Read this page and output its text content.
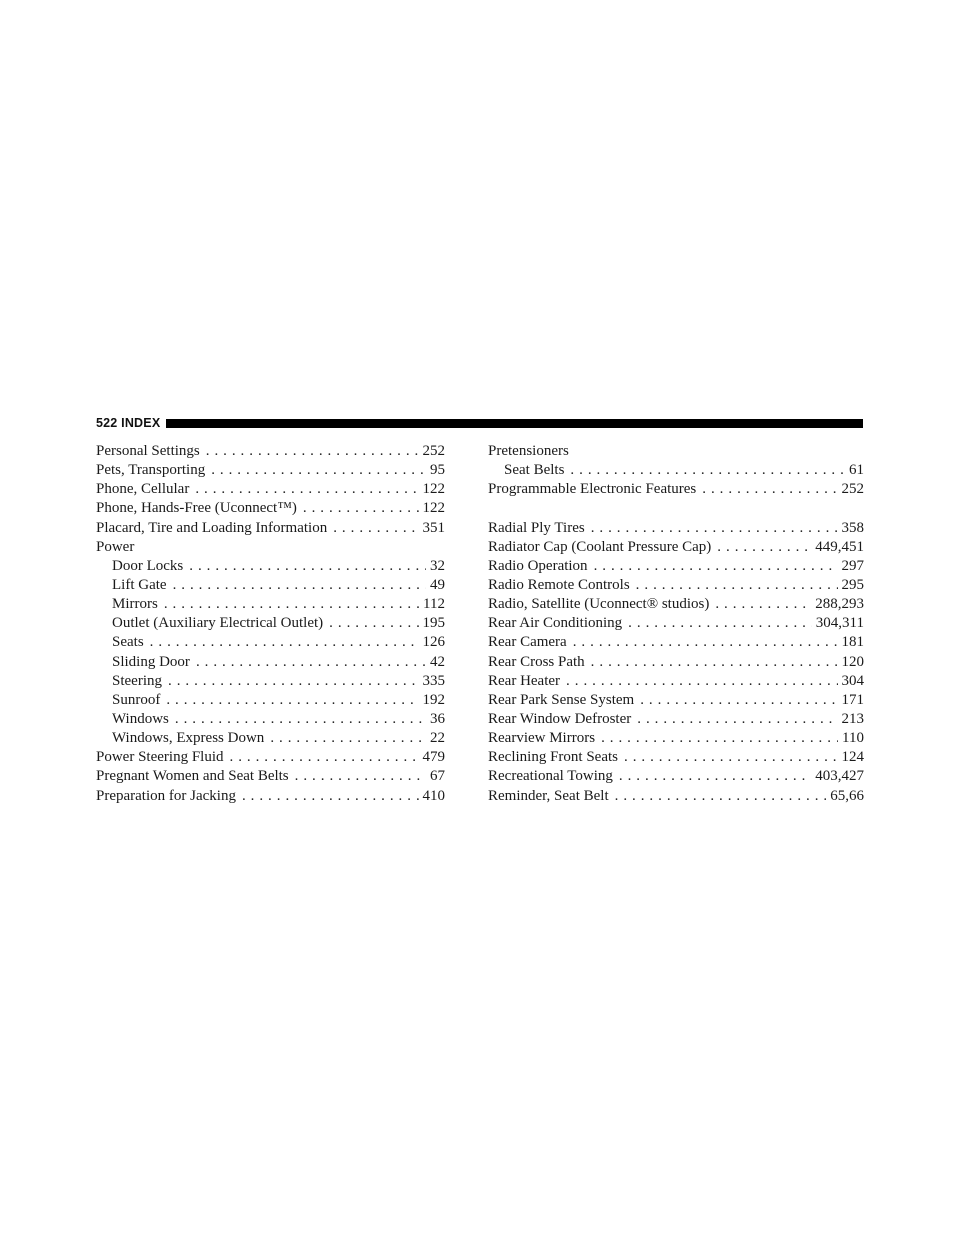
522 INDEX
Personal Settings . . .	252
Pets, Transporting . . .	95
Phone, Cellular . . .	122
Phone, Hands-Free (Uconnect™) . . .	122
Placard, Tire and Loading Information . . .	351
Power
Door Locks . . .	32
Lift Gate . . .	49
Mirrors . . .	112
Outlet (Auxiliary Electrical Outlet) . . .	195
Seats . . .	126
Sliding Door . . .	42
Steering . . .	335
Sunroof . . .	192
Windows . . .	36
Windows, Express Down . . .	22
Power Steering Fluid . . .	479
Pregnant Women and Seat Belts . . .	67
Preparation for Jacking . . .	410
Pretensioners
Seat Belts . . .	61
Programmable Electronic Features . . .	252
Radial Ply Tires . . .	358
Radiator Cap (Coolant Pressure Cap) . . .	449,451
Radio Operation . . .	297
Radio Remote Controls . . .	295
Radio, Satellite (Uconnect® studios) . . .	288,293
Rear Air Conditioning . . .	304,311
Rear Camera . . .	181
Rear Cross Path . . .	120
Rear Heater . . .	304
Rear Park Sense System . . .	171
Rear Window Defroster . . .	213
Rearview Mirrors . . .	110
Reclining Front Seats . . .	124
Recreational Towing . . .	403,427
Reminder, Seat Belt . . .	65,66
